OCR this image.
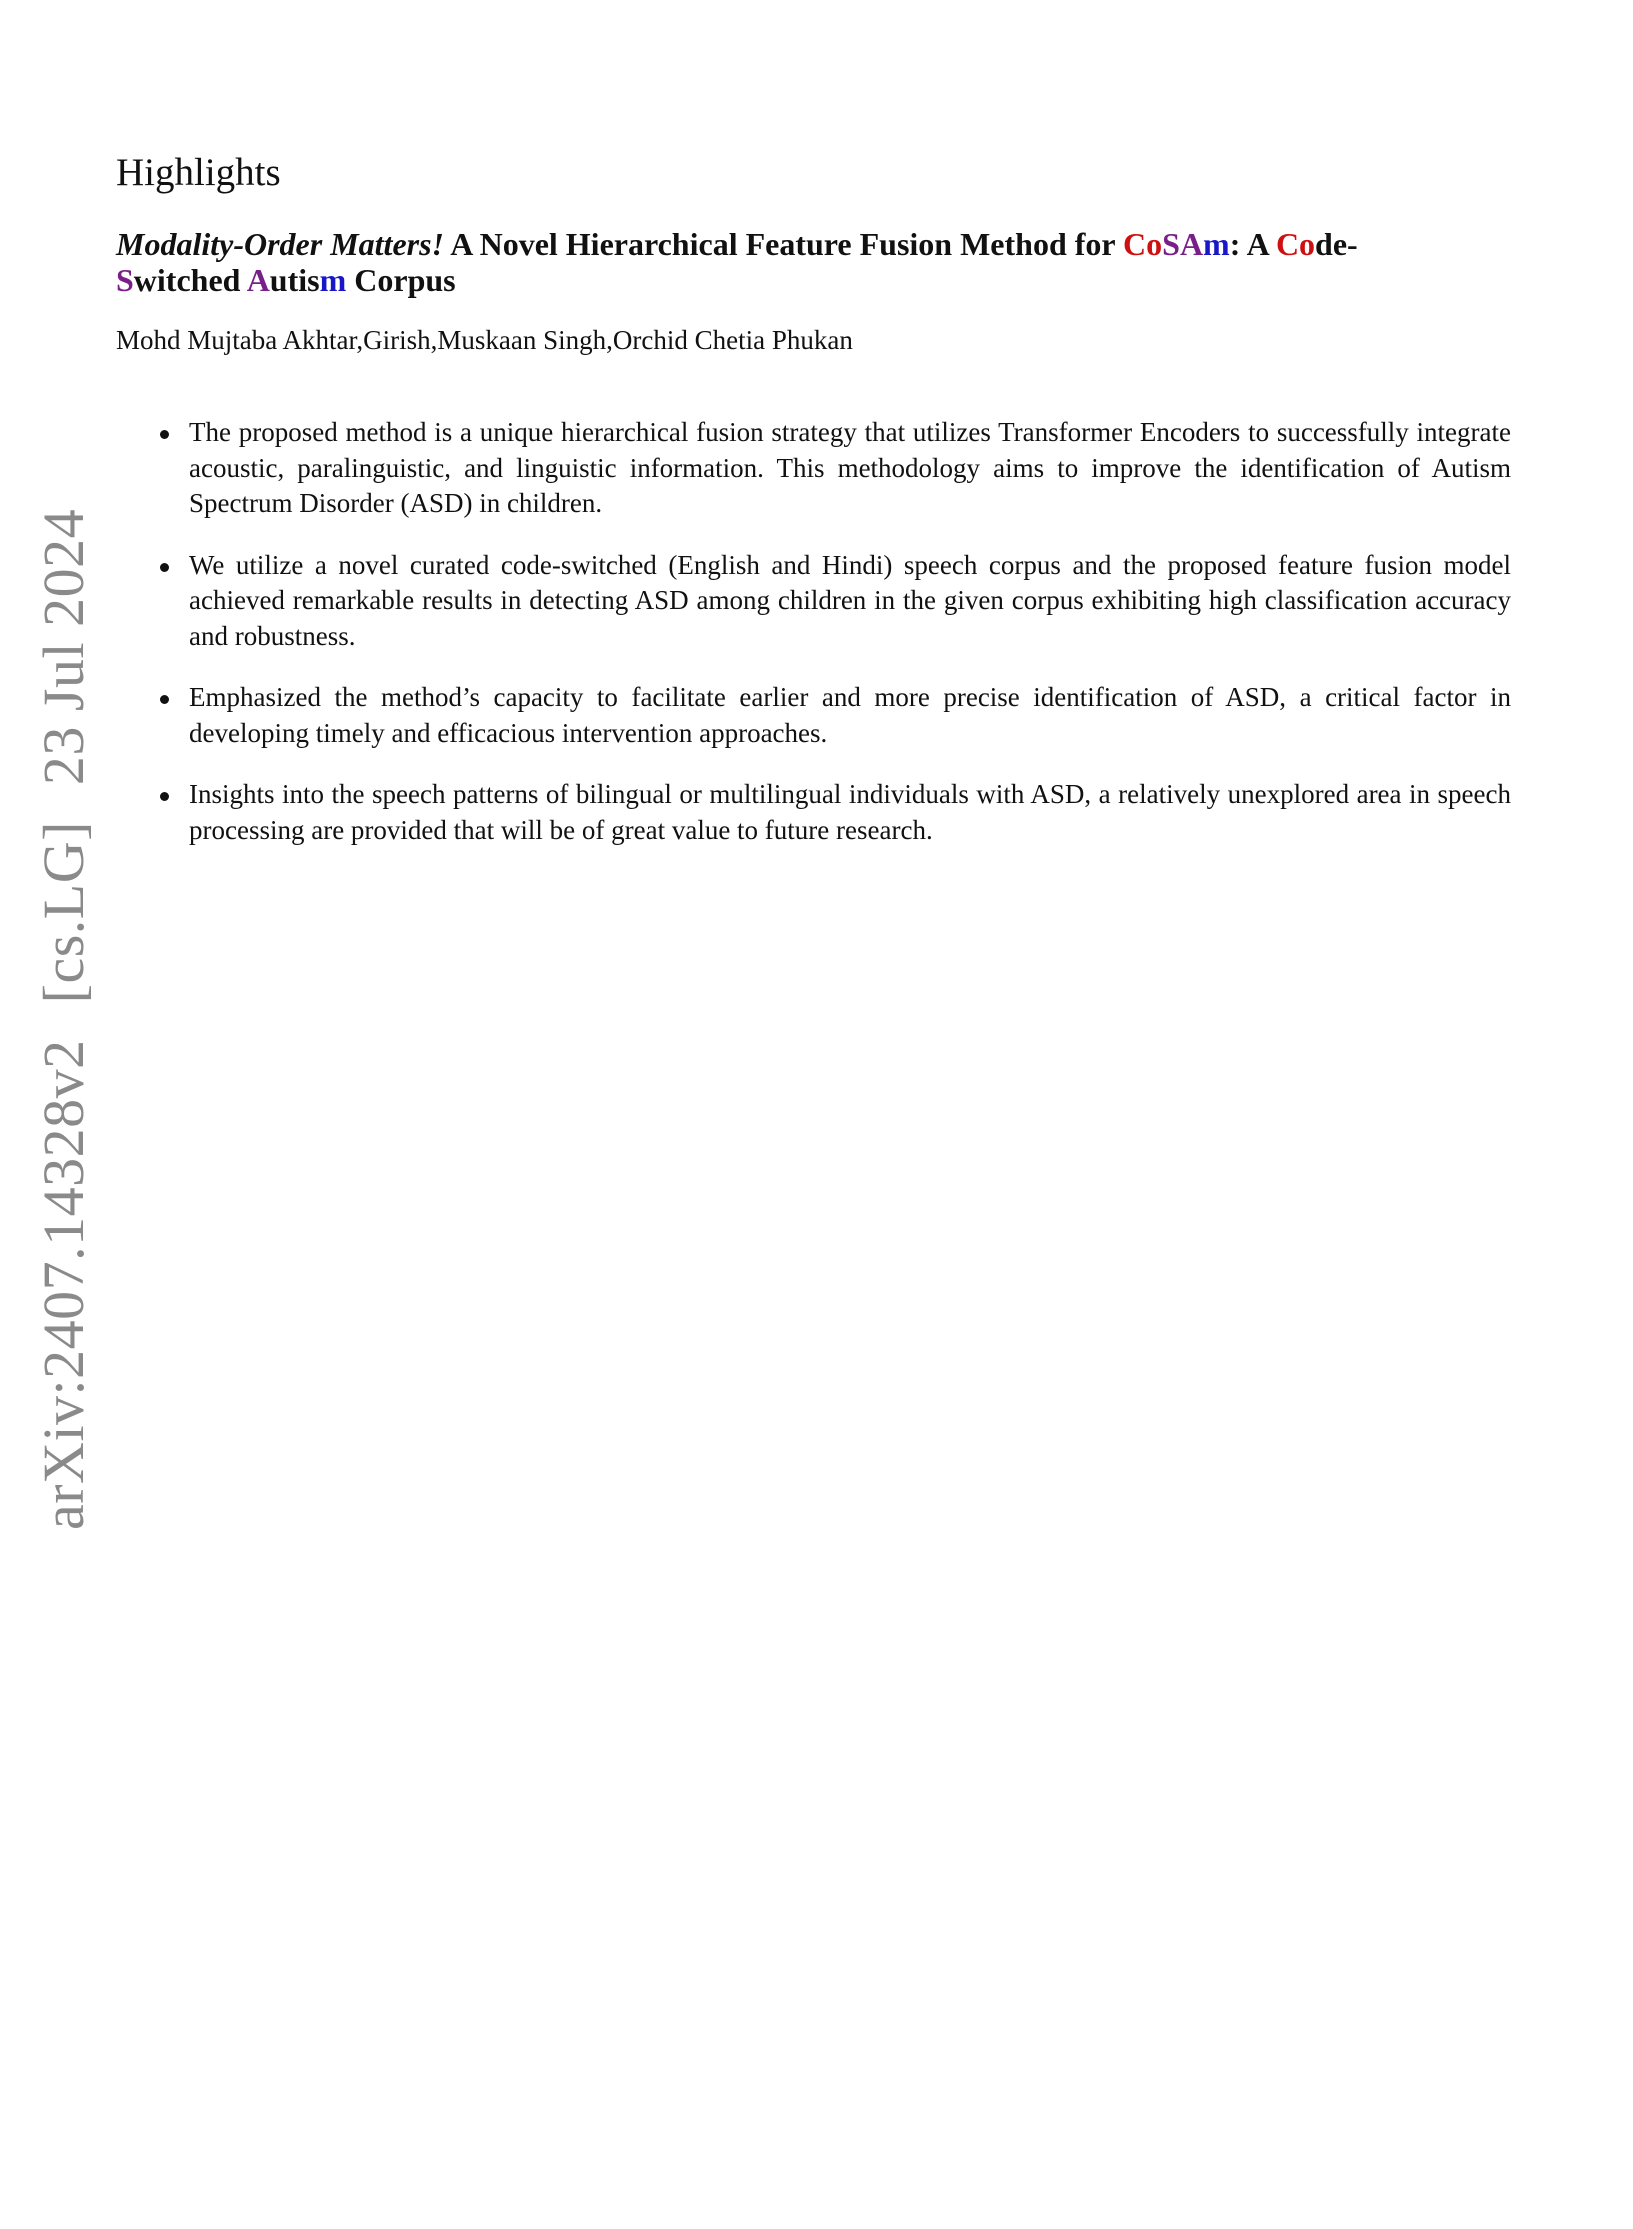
arXiv:2407.14328v2[cs.LG]23 Jul 2024
Highlights
Modality-Order Matters! A Novel Hierarchical Feature Fusion Method for CoSAm: A Code-
Switched Autism Corpus

Mohd Mujtaba Akhtar,Girish,Muskaan Singh,Orchid Chetia Phukan

The proposed method is a unique hierarchical fusion strategy that utilizes Transformer Encoders to successfully integrate acoustic, paralinguistic, and linguistic information. This methodology aims to improve the identification of Autism Spectrum Disorder (ASD) in children.
We utilize a novel curated code-switched (English and Hindi) speech corpus and the proposed feature fusion model achieved remarkable results in detecting ASD among children in the given corpus exhibiting high classification accuracy and robustness.
Emphasized the method’s capacity to facilitate earlier and more precise identification of ASD, a critical factor in developing timely and efficacious intervention approaches.
Insights into the speech patterns of bilingual or multilingual individuals with ASD, a relatively unexplored area in speech processing are provided that will be of great value to future research.
